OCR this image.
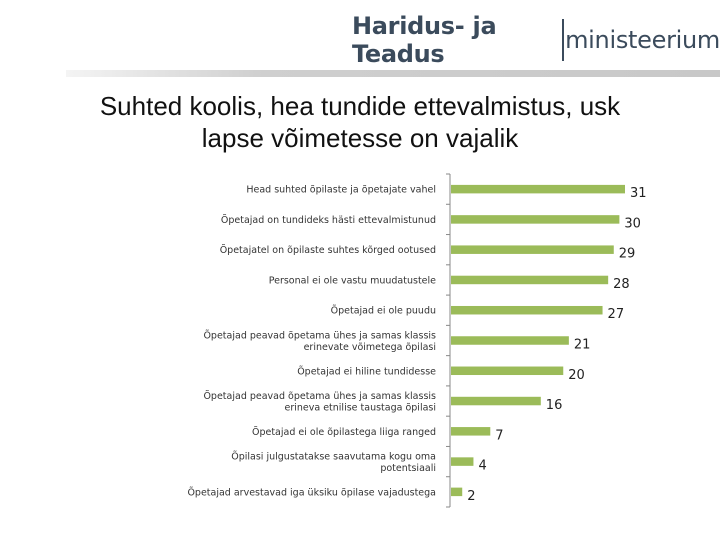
Haridus- ja Teadus	ministeerium
Suhted koolis, hea tundide ettevalmistus, usk
lapse võimetesse on vajalik
31
Head suhted õpilaste ja õpetajate vahel
30
Õpetajad on tundideks hästi ettevalmistunud
29
Õpetajatel on õpilaste suhtes kõrged ootused
28
Personal ei ole vastu muudatustele
27
Õpetajad ei ole puudu
21
Õpetajad peavad õpetama ühes ja samas klassis erinevate võimetega õpilasi
20
Õpetajad ei hiline tundidesse
16
Õpetajad peavad õpetama ühes ja samas klassis erineva etnilise taustaga õpilasi
7
Õpetajad ei ole õpilastega liiga ranged
4
Õpilasi julgustatakse saavutama kogu oma potentsiaali
2
Õpetajad arvestavad iga üksiku õpilase vajadustega
